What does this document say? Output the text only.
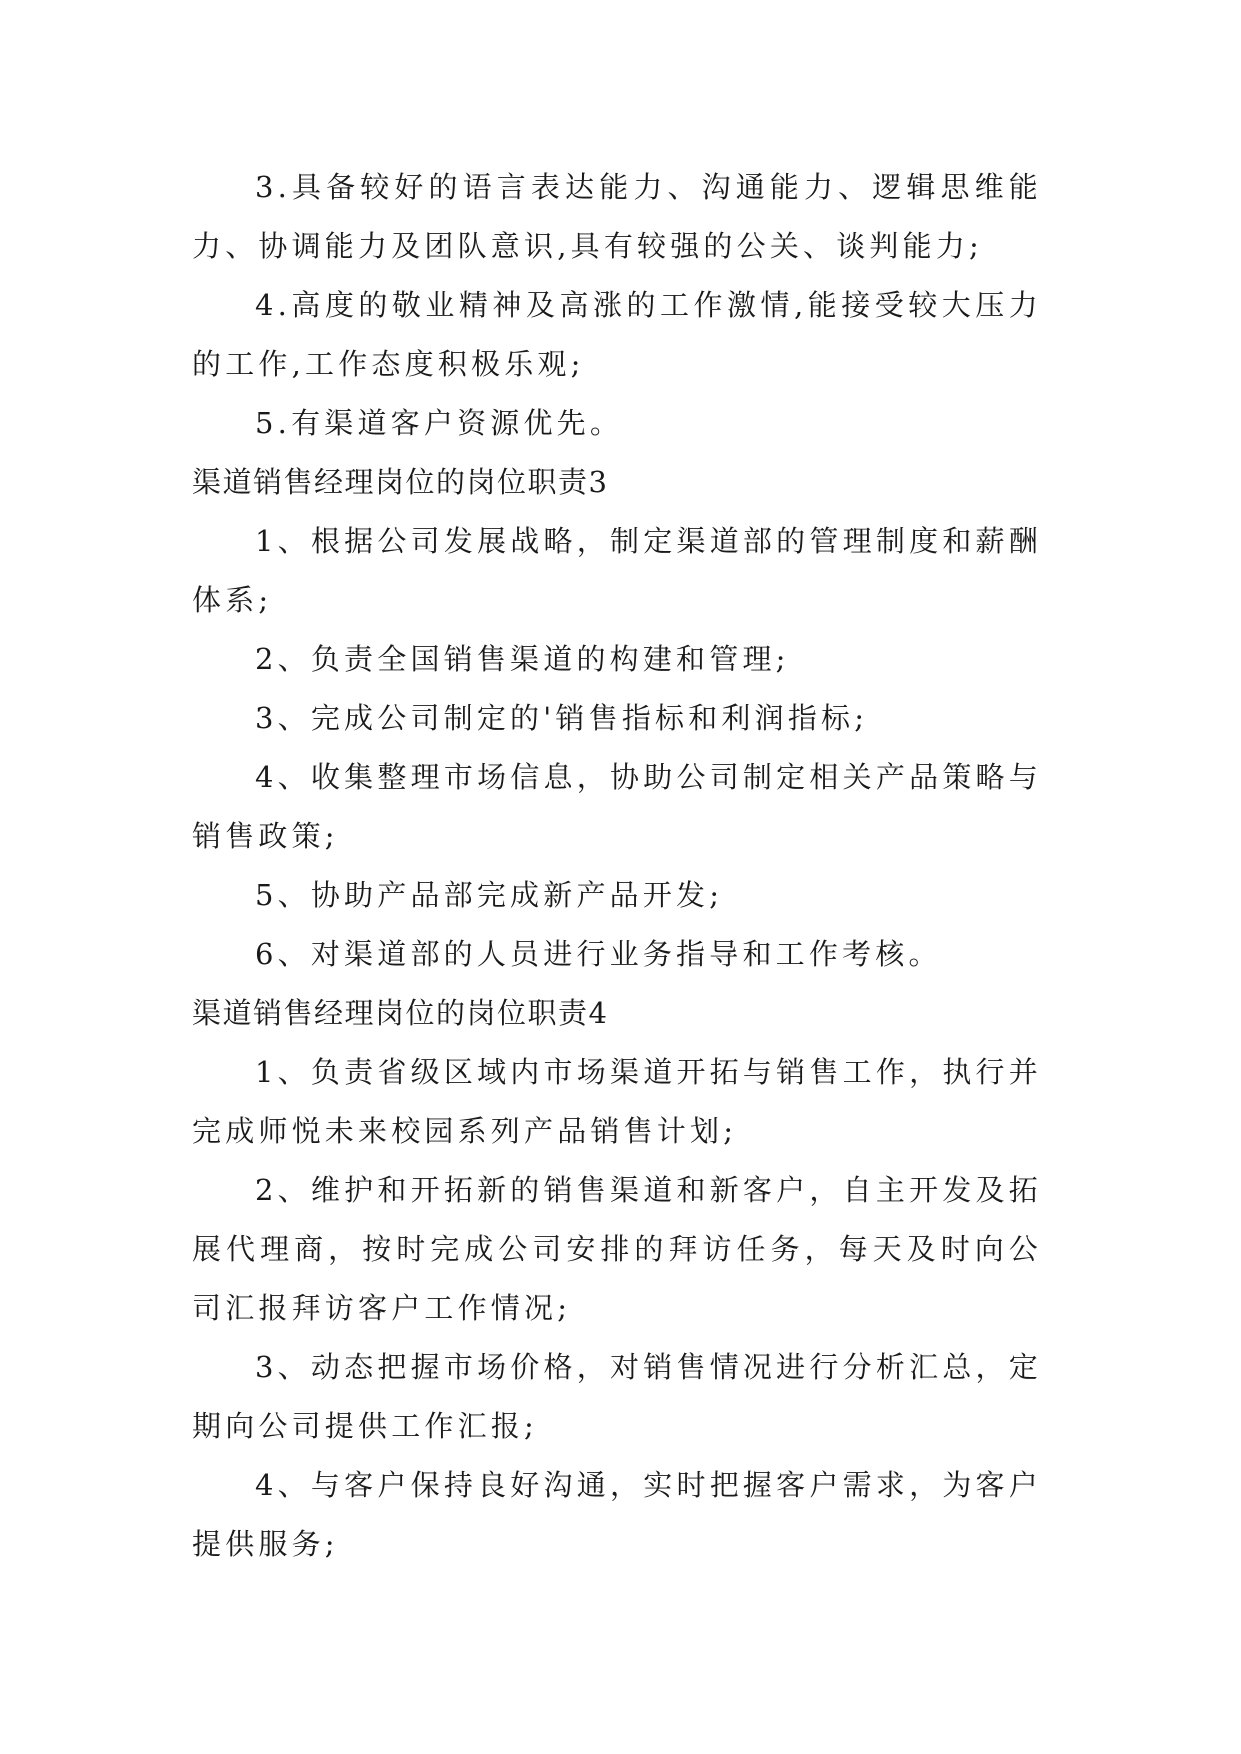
3.具备较好的语言表达能力、沟通能力、逻辑思维能力、协调能力及团队意识,具有较强的公关、谈判能力;

4.高度的敬业精神及高涨的工作激情,能接受较大压力的工作,工作态度积极乐观;

5.有渠道客户资源优先。

渠道销售经理岗位的岗位职责3

1、根据公司发展战略，制定渠道部的管理制度和薪酬体系;

2、负责全国销售渠道的构建和管理;

3、完成公司制定的'销售指标和利润指标;

4、收集整理市场信息，协助公司制定相关产品策略与销售政策;

5、协助产品部完成新产品开发;

6、对渠道部的人员进行业务指导和工作考核。

渠道销售经理岗位的岗位职责4

1、负责省级区域内市场渠道开拓与销售工作，执行并完成师悦未来校园系列产品销售计划;

2、维护和开拓新的销售渠道和新客户，自主开发及拓展代理商，按时完成公司安排的拜访任务，每天及时向公司汇报拜访客户工作情况;

3、动态把握市场价格，对销售情况进行分析汇总，定期向公司提供工作汇报;

4、与客户保持良好沟通，实时把握客户需求，为客户提供服务;
